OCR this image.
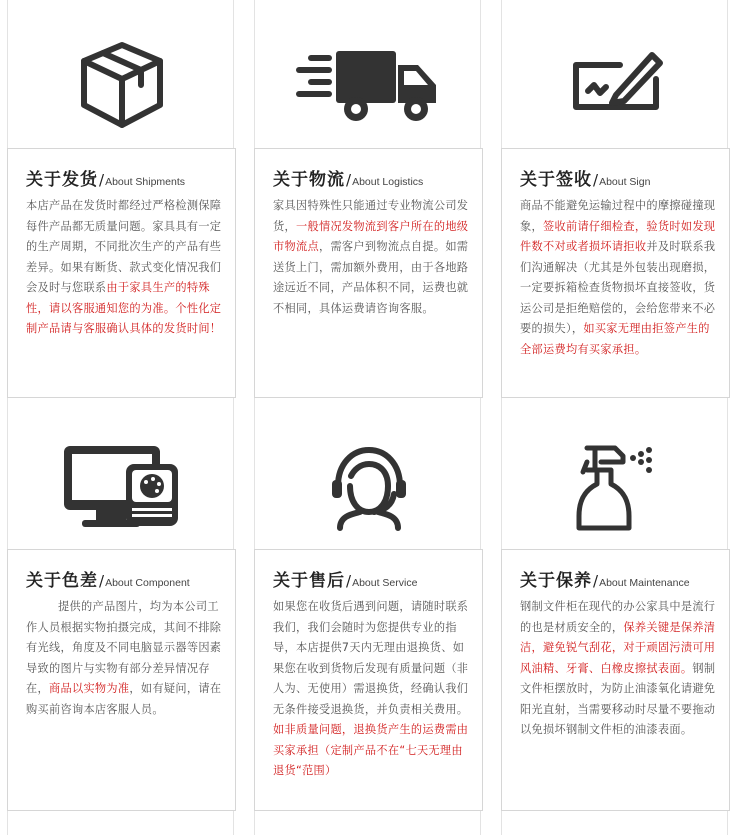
关于发货 / About Shipments
本店产品在发货时都经过严格检测保障每件产品都无质量问题。家具具有一定的生产周期，不同批次生产的产品有些差异。如果有断货、款式变化情况我们会及时与您联系由于家具生产的特殊性，请以客服通知您的为准。个性化定制产品请与客服确认具体的发货时间！
关于物流 / About Logistics
家具因特殊性只能通过专业物流公司发货，一般情况发物流到客户所在的地级市物流点，需客户到物流点自提。如需送货上门，需加额外费用，由于各地路途远近不同，产品体积不同，运费也就不相同，具体运费请咨询客服。
关于签收 / About Sign
商品不能避免运输过程中的摩擦碰撞现象，签收前请仔细检查，验货时如发现件数不对或者损坏请拒收并及时联系我们沟通解决（尤其是外包装出现磨损，一定要拆箱检查货物损坏直接签收，货运公司是拒绝赔偿的，会给您带来不必要的损失），如买家无理由拒签产生的全部运费均有买家承担。
关于色差 / About Component
提供的产品图片，均为本公司工作人员根据实物拍摄完成，其间不排除有光线，角度及不同电脑显示器等因素导致的图片与实物有部分差异情况存在，商品以实物为准，如有疑问，请在购买前咨询本店客服人员。
关于售后 / About Service
如果您在收货后遇到问题，请随时联系我们，我们会随时为您提供专业的指导，本店提供7天内无理由退换货、如果您在收到货物后发现有质量问题（非人为、无使用）需退换货，经确认我们无条件接受退换货，并负责相关费用。如非质量问题，退换货产生的运费需由买家承担（定制产品不在“七天无理由退货“范围）
关于保养 / About Maintenance
钢制文件柜在现代的办公家具中是流行的也是材质安全的，保养关键是保养清洁，避免锐气刮花，对于顽固污渍可用风油精、牙膏、白橡皮擦拭表面。钢制文件柜摆放时，为防止油漆氧化请避免阳光直射，当需要移动时尽量不要拖动以免损坏钢制文件柜的油漆表面。
